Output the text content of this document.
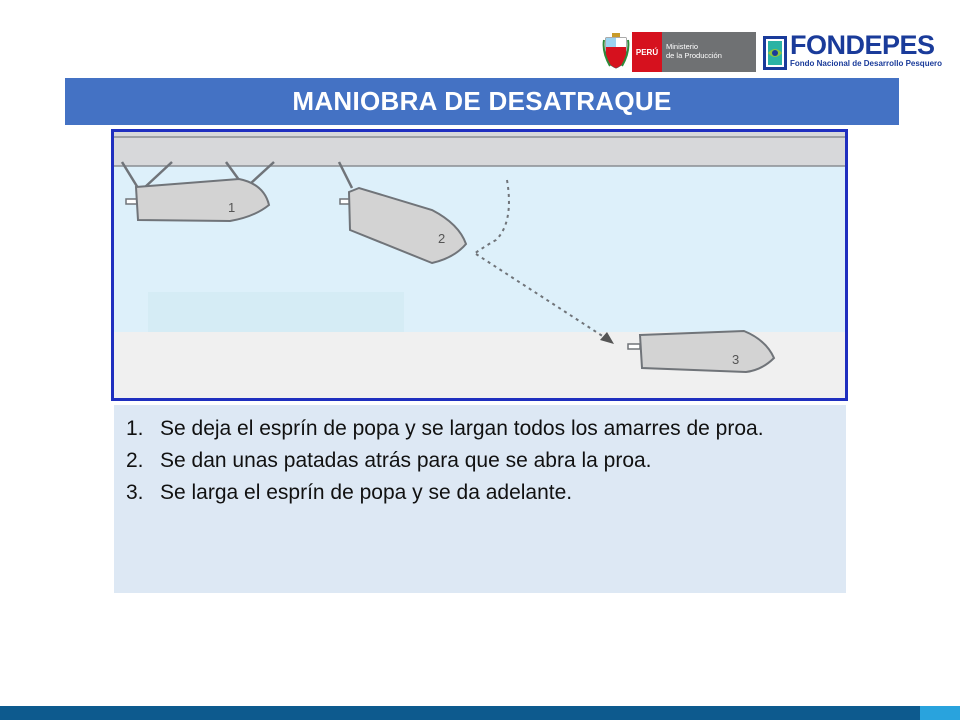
PERÚ
Ministerio
de la Producción	FONDEPES
Fondo Nacional de Desarrollo Pesquero
MANIOBRA DE DESATRAQUE
1
2
3
1. Se deja el esprín de popa y se largan todos los amarres de proa.
2. Se dan unas patadas atrás para que se abra la proa.
3. Se larga el esprín de popa y se da adelante.
